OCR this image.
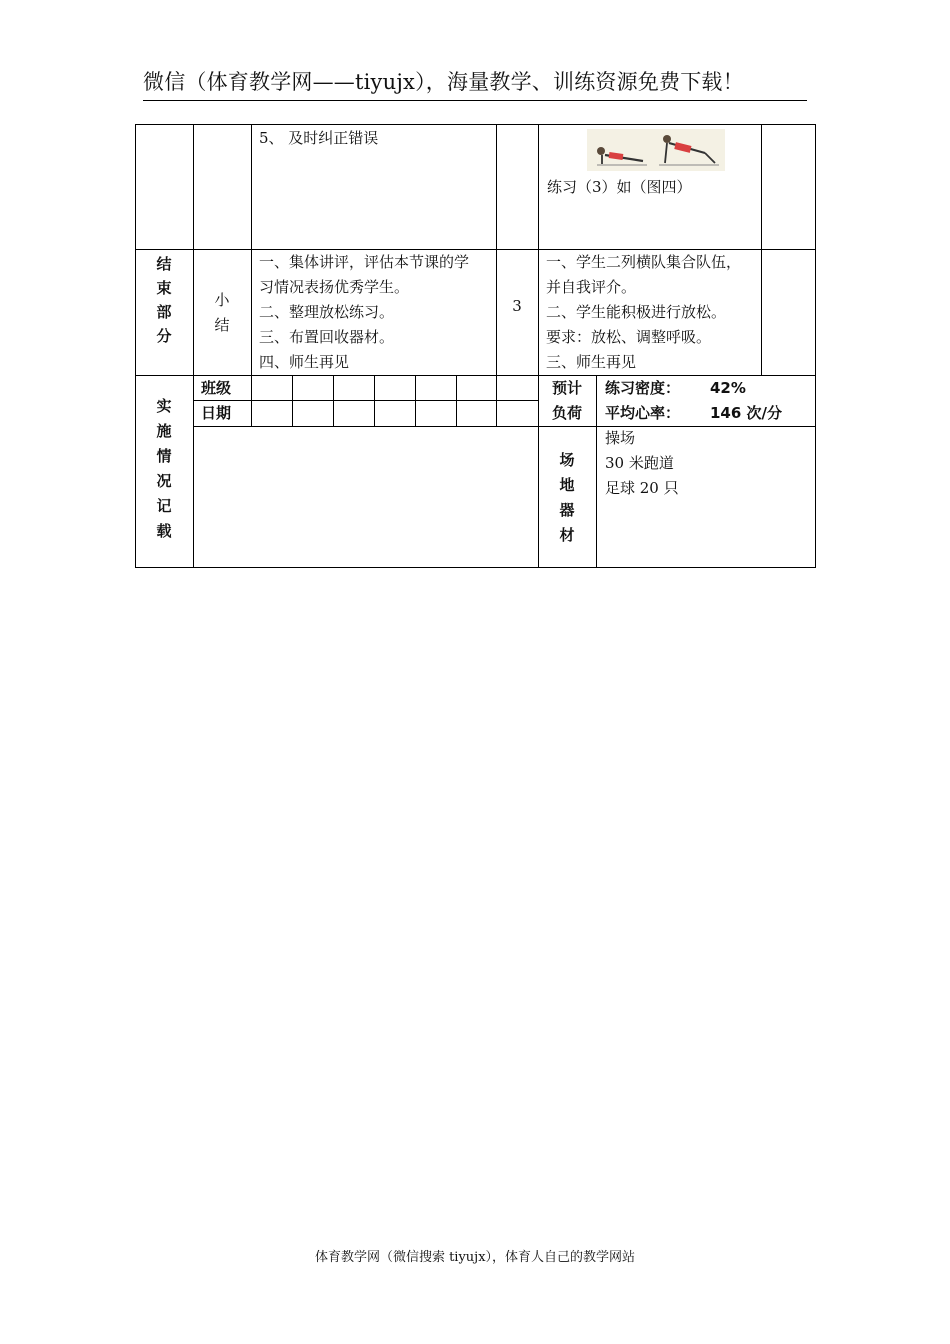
微信（体育教学网——tiyujx），海量教学、训练资源免费下载！
5、 及时纠正错误
练习（3）如（图四）
结
束
部
分
小
结
一、集体讲评，评估本节课的学
习情况表扬优秀学生。
二、整理放松练习。
三、布置回收器材。
四、师生再见
3
一、学生二列横队集合队伍，
并自我评介。
二、学生能积极进行放松。
要求：放松、调整呼吸。
三、师生再见
实
施
情
况
记
载
班级
日期
预计
负荷
练习密度： 42%
平均心率： 146 次/分
场
地
器
材
操场
30 米跑道
足球 20 只
体育教学网（微信搜索 tiyujx），体育人自己的教学网站
